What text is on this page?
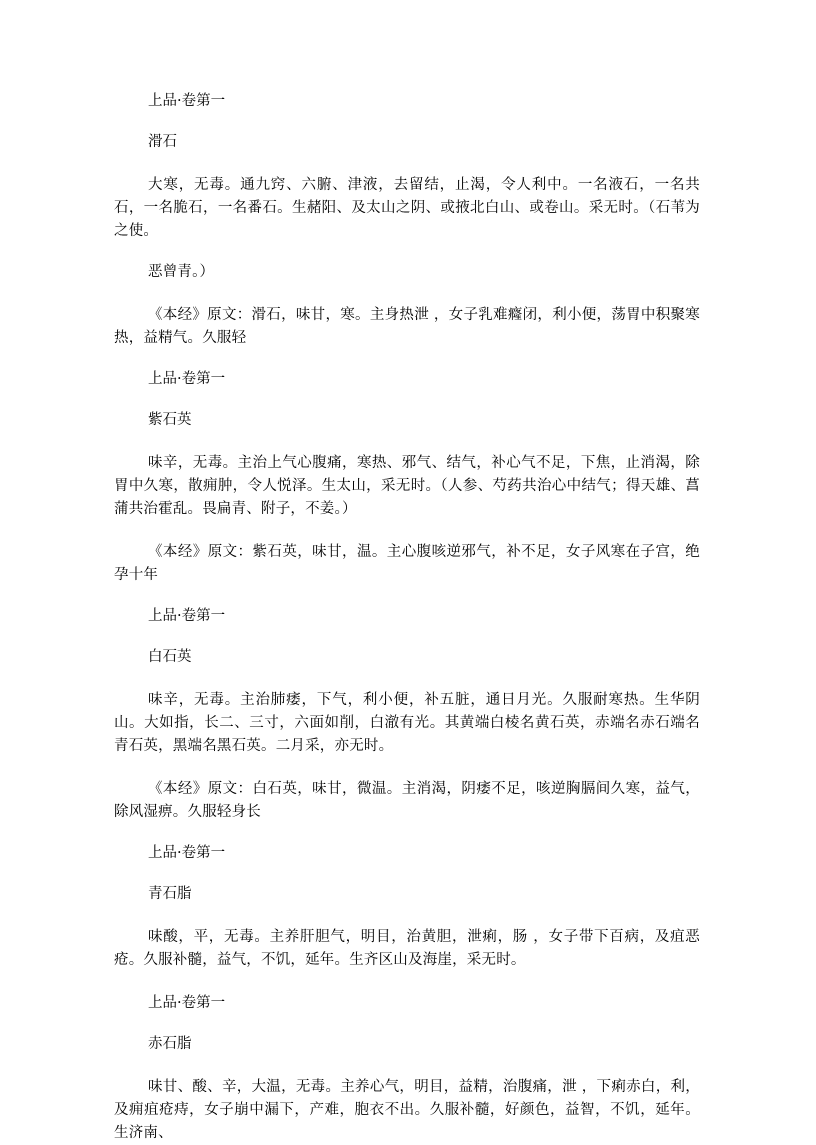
上品·卷第一

滑石

大寒，无毒。通九窍、六腑、津液，去留结，止渴，令人利中。一名液石，一名共石，一名脆石，一名番石。生赭阳、及太山之阴、或掖北白山、或卷山。采无时。（石苇为之使。

恶曾青。）

《本经》原文：滑石，味甘，寒。主身热泄 ，女子乳难癃闭，利小便，荡胃中积聚寒热，益精气。久服轻

上品·卷第一

紫石英

味辛，无毒。主治上气心腹痛，寒热、邪气、结气，补心气不足，下焦，止消渴，除胃中久寒，散痈肿，令人悦泽。生太山，采无时。（人参、芍药共治心中结气；得天雄、菖蒲共治霍乱。畏扁青、附子，不姜。）

《本经》原文：紫石英，味甘，温。主心腹咳逆邪气，补不足，女子风寒在子宫，绝孕十年

上品·卷第一

白石英

味辛，无毒。主治肺痿，下气，利小便，补五脏，通日月光。久服耐寒热。生华阴山。大如指，长二、三寸，六面如削，白澈有光。其黄端白棱名黄石英，赤端名赤石端名青石英，黑端名黑石英。二月采，亦无时。

《本经》原文：白石英，味甘，微温。主消渴，阴痿不足，咳逆胸膈间久寒，益气，除风湿痹。久服轻身长

上品·卷第一

青石脂

味酸，平，无毒。主养肝胆气，明目，治黄胆，泄痢，肠 ，女子带下百病，及疽恶疮。久服补髓，益气，不饥，延年。生齐区山及海崖，采无时。

上品·卷第一

赤石脂

味甘、酸、辛，大温，无毒。主养心气，明目，益精，治腹痛，泄 ，下痢赤白，利，及痈疽疮痔，女子崩中漏下，产难，胞衣不出。久服补髓，好颜色，益智，不饥，延年。生济南、
